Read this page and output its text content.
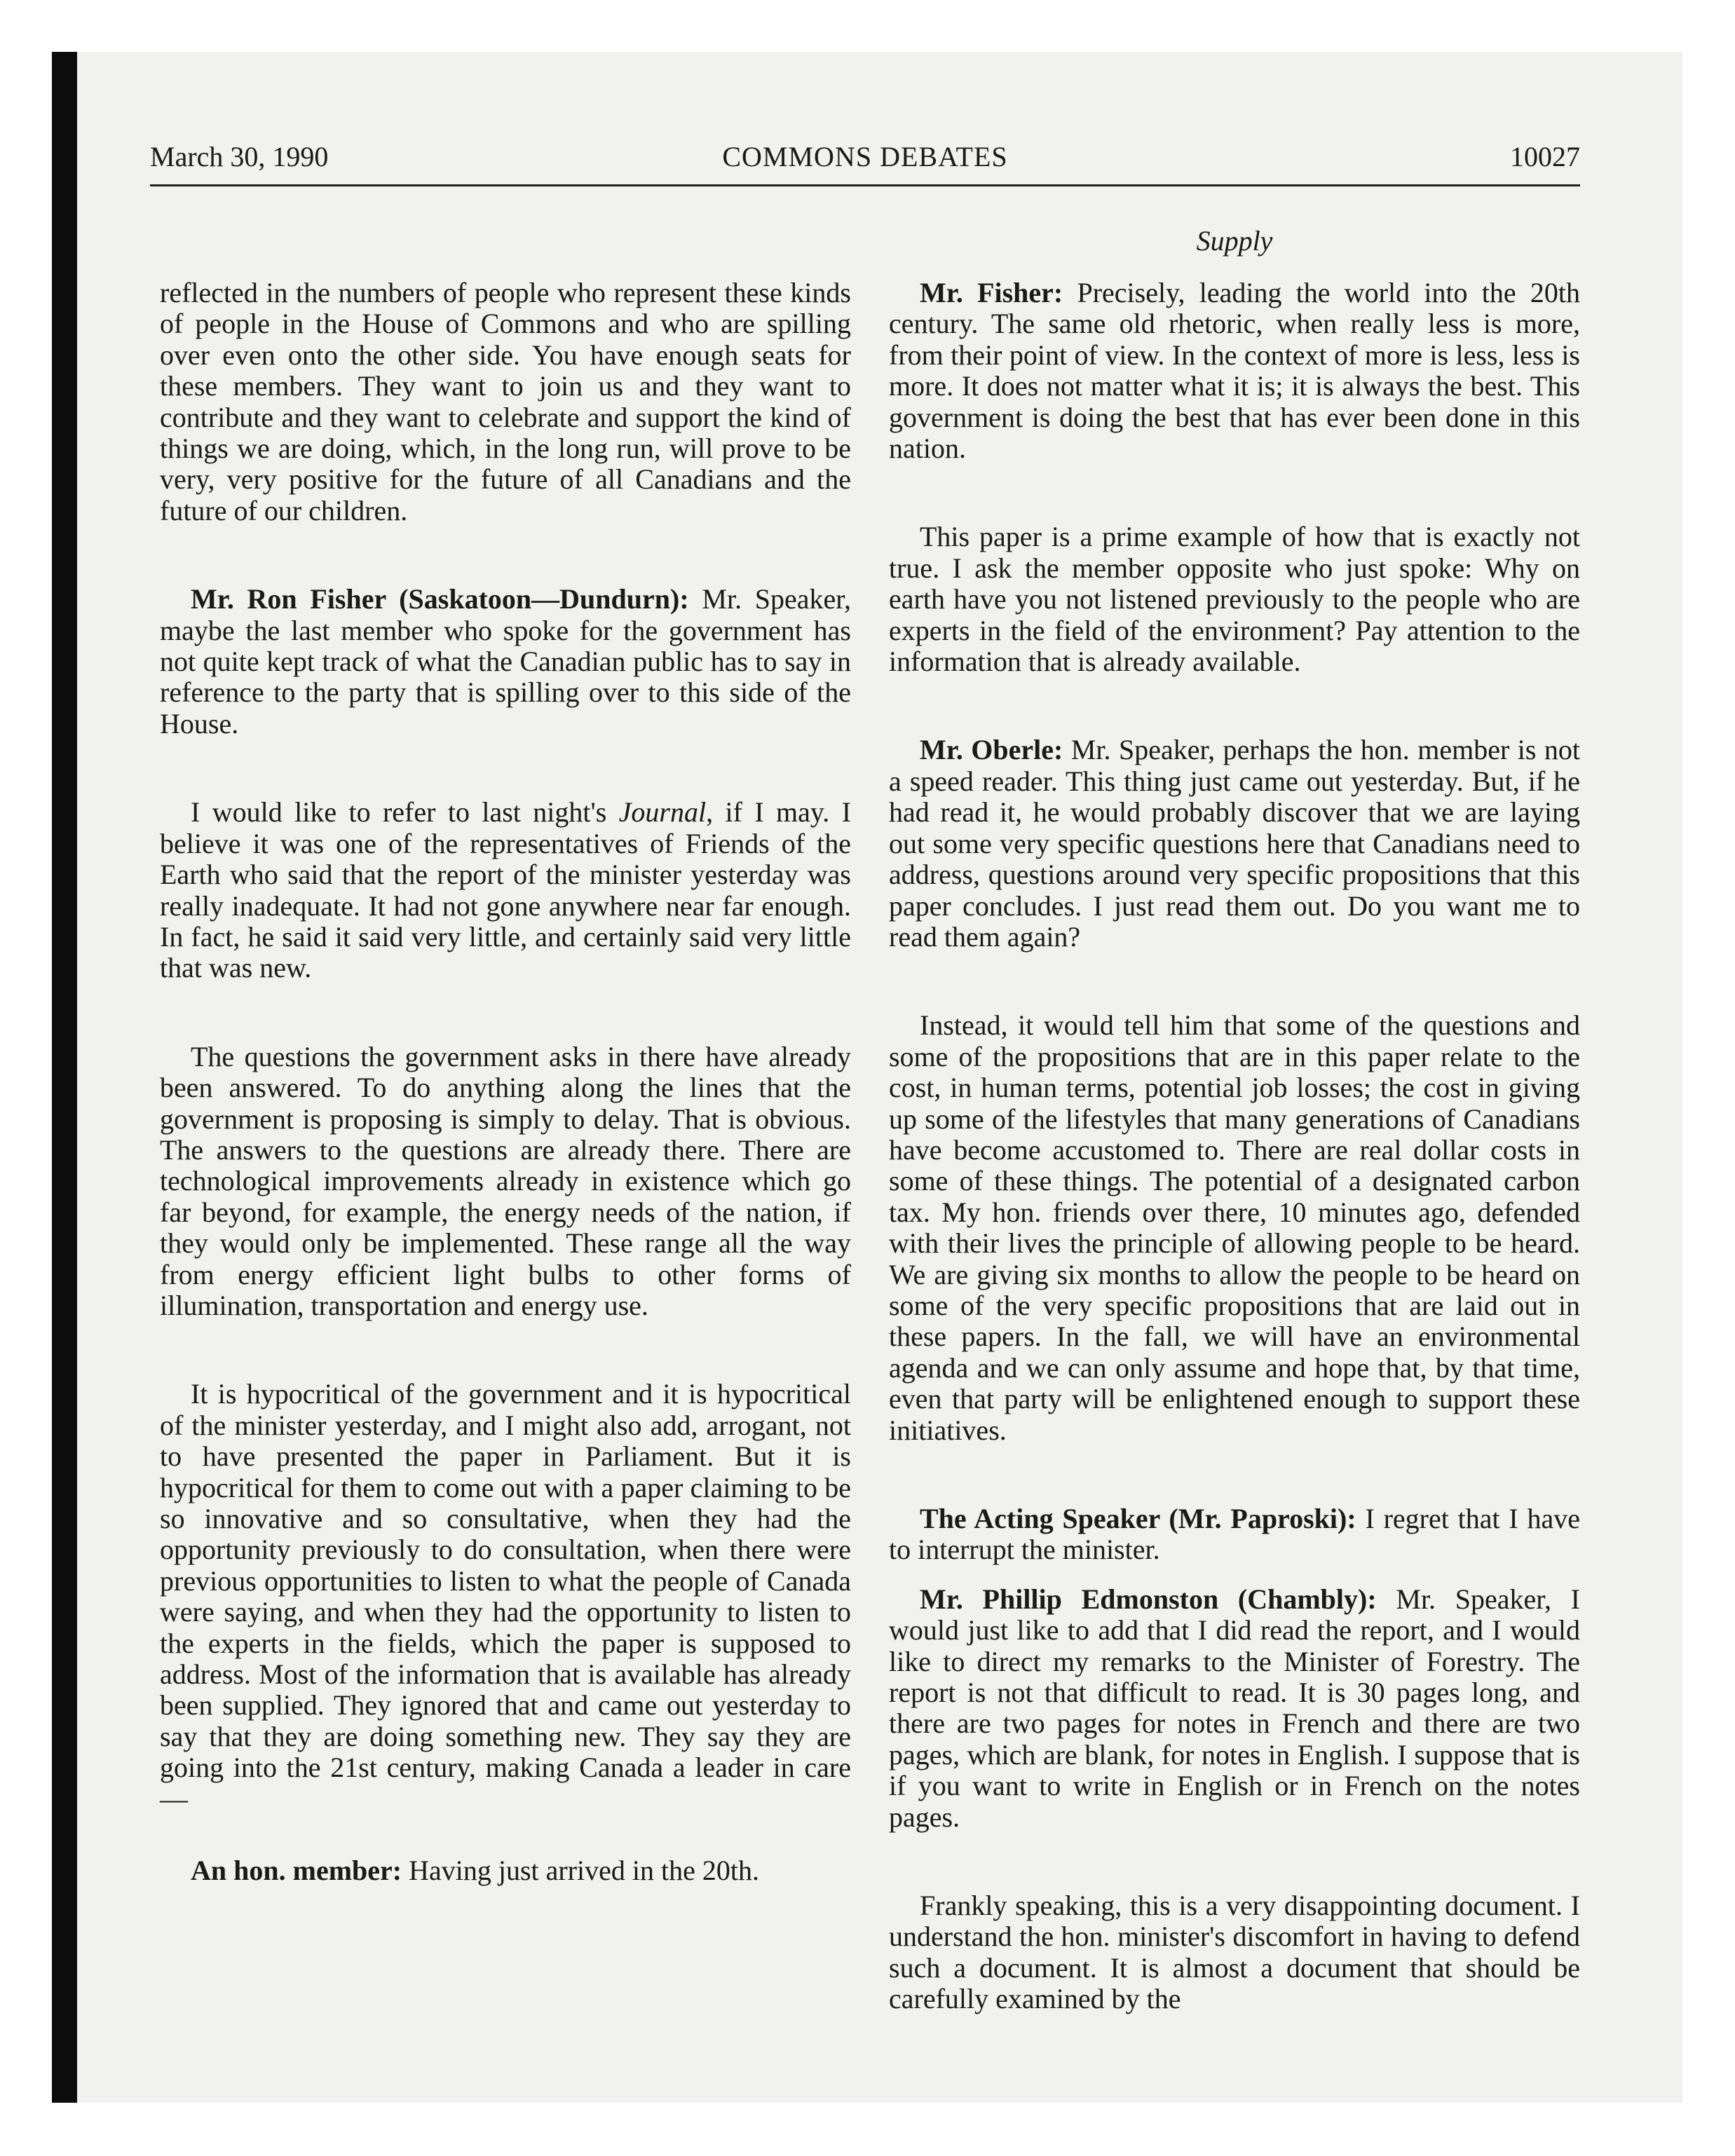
March 30, 1990	COMMONS DEBATES	10027
Supply

reflected in the numbers of people who represent these kinds of people in the House of Commons and who are spilling over even onto the other side. You have enough seats for these members. They want to join us and they want to contribute and they want to celebrate and support the kind of things we are doing, which, in the long run, will prove to be very, very positive for the future of all Canadians and the future of our children.

Mr. Ron Fisher (Saskatoon—Dundurn): Mr. Speaker, maybe the last member who spoke for the government has not quite kept track of what the Canadian public has to say in reference to the party that is spilling over to this side of the House.

I would like to refer to last night's Journal, if I may. I believe it was one of the representatives of Friends of the Earth who said that the report of the minister yesterday was really inadequate. It had not gone anywhere near far enough. In fact, he said it said very little, and certainly said very little that was new.

The questions the government asks in there have already been answered. To do anything along the lines that the government is proposing is simply to delay. That is obvious. The answers to the questions are already there. There are technological improvements already in existence which go far beyond, for example, the energy needs of the nation, if they would only be implemented. These range all the way from energy efficient light bulbs to other forms of illumination, transportation and energy use.

It is hypocritical of the government and it is hypocritical of the minister yesterday, and I might also add, arrogant, not to have presented the paper in Parliament. But it is hypocritical for them to come out with a paper claiming to be so innovative and so consultative, when they had the opportunity previously to do consultation, when there were previous opportunities to listen to what the people of Canada were saying, and when they had the opportunity to listen to the experts in the fields, which the paper is supposed to address. Most of the information that is available has already been supplied. They ignored that and came out yesterday to say that they are doing something new. They say they are going into the 21st century, making Canada a leader in care—

An hon. member: Having just arrived in the 20th.

Mr. Fisher: Precisely, leading the world into the 20th century. The same old rhetoric, when really less is more, from their point of view. In the context of more is less, less is more. It does not matter what it is; it is always the best. This government is doing the best that has ever been done in this nation.

This paper is a prime example of how that is exactly not true. I ask the member opposite who just spoke: Why on earth have you not listened previously to the people who are experts in the field of the environment? Pay attention to the information that is already available.

Mr. Oberle: Mr. Speaker, perhaps the hon. member is not a speed reader. This thing just came out yesterday. But, if he had read it, he would probably discover that we are laying out some very specific questions here that Canadians need to address, questions around very specific propositions that this paper concludes. I just read them out. Do you want me to read them again?

Instead, it would tell him that some of the questions and some of the propositions that are in this paper relate to the cost, in human terms, potential job losses; the cost in giving up some of the lifestyles that many generations of Canadians have become accustomed to. There are real dollar costs in some of these things. The potential of a designated carbon tax. My hon. friends over there, 10 minutes ago, defended with their lives the principle of allowing people to be heard. We are giving six months to allow the people to be heard on some of the very specific propositions that are laid out in these papers. In the fall, we will have an environmental agenda and we can only assume and hope that, by that time, even that party will be enlightened enough to support these initiatives.

The Acting Speaker (Mr. Paproski): I regret that I have to interrupt the minister.

Mr. Phillip Edmonston (Chambly): Mr. Speaker, I would just like to add that I did read the report, and I would like to direct my remarks to the Minister of Forestry. The report is not that difficult to read. It is 30 pages long, and there are two pages for notes in French and there are two pages, which are blank, for notes in English. I suppose that is if you want to write in English or in French on the notes pages.

Frankly speaking, this is a very disappointing document. I understand the hon. minister's discomfort in having to defend such a document. It is almost a document that should be carefully examined by the
